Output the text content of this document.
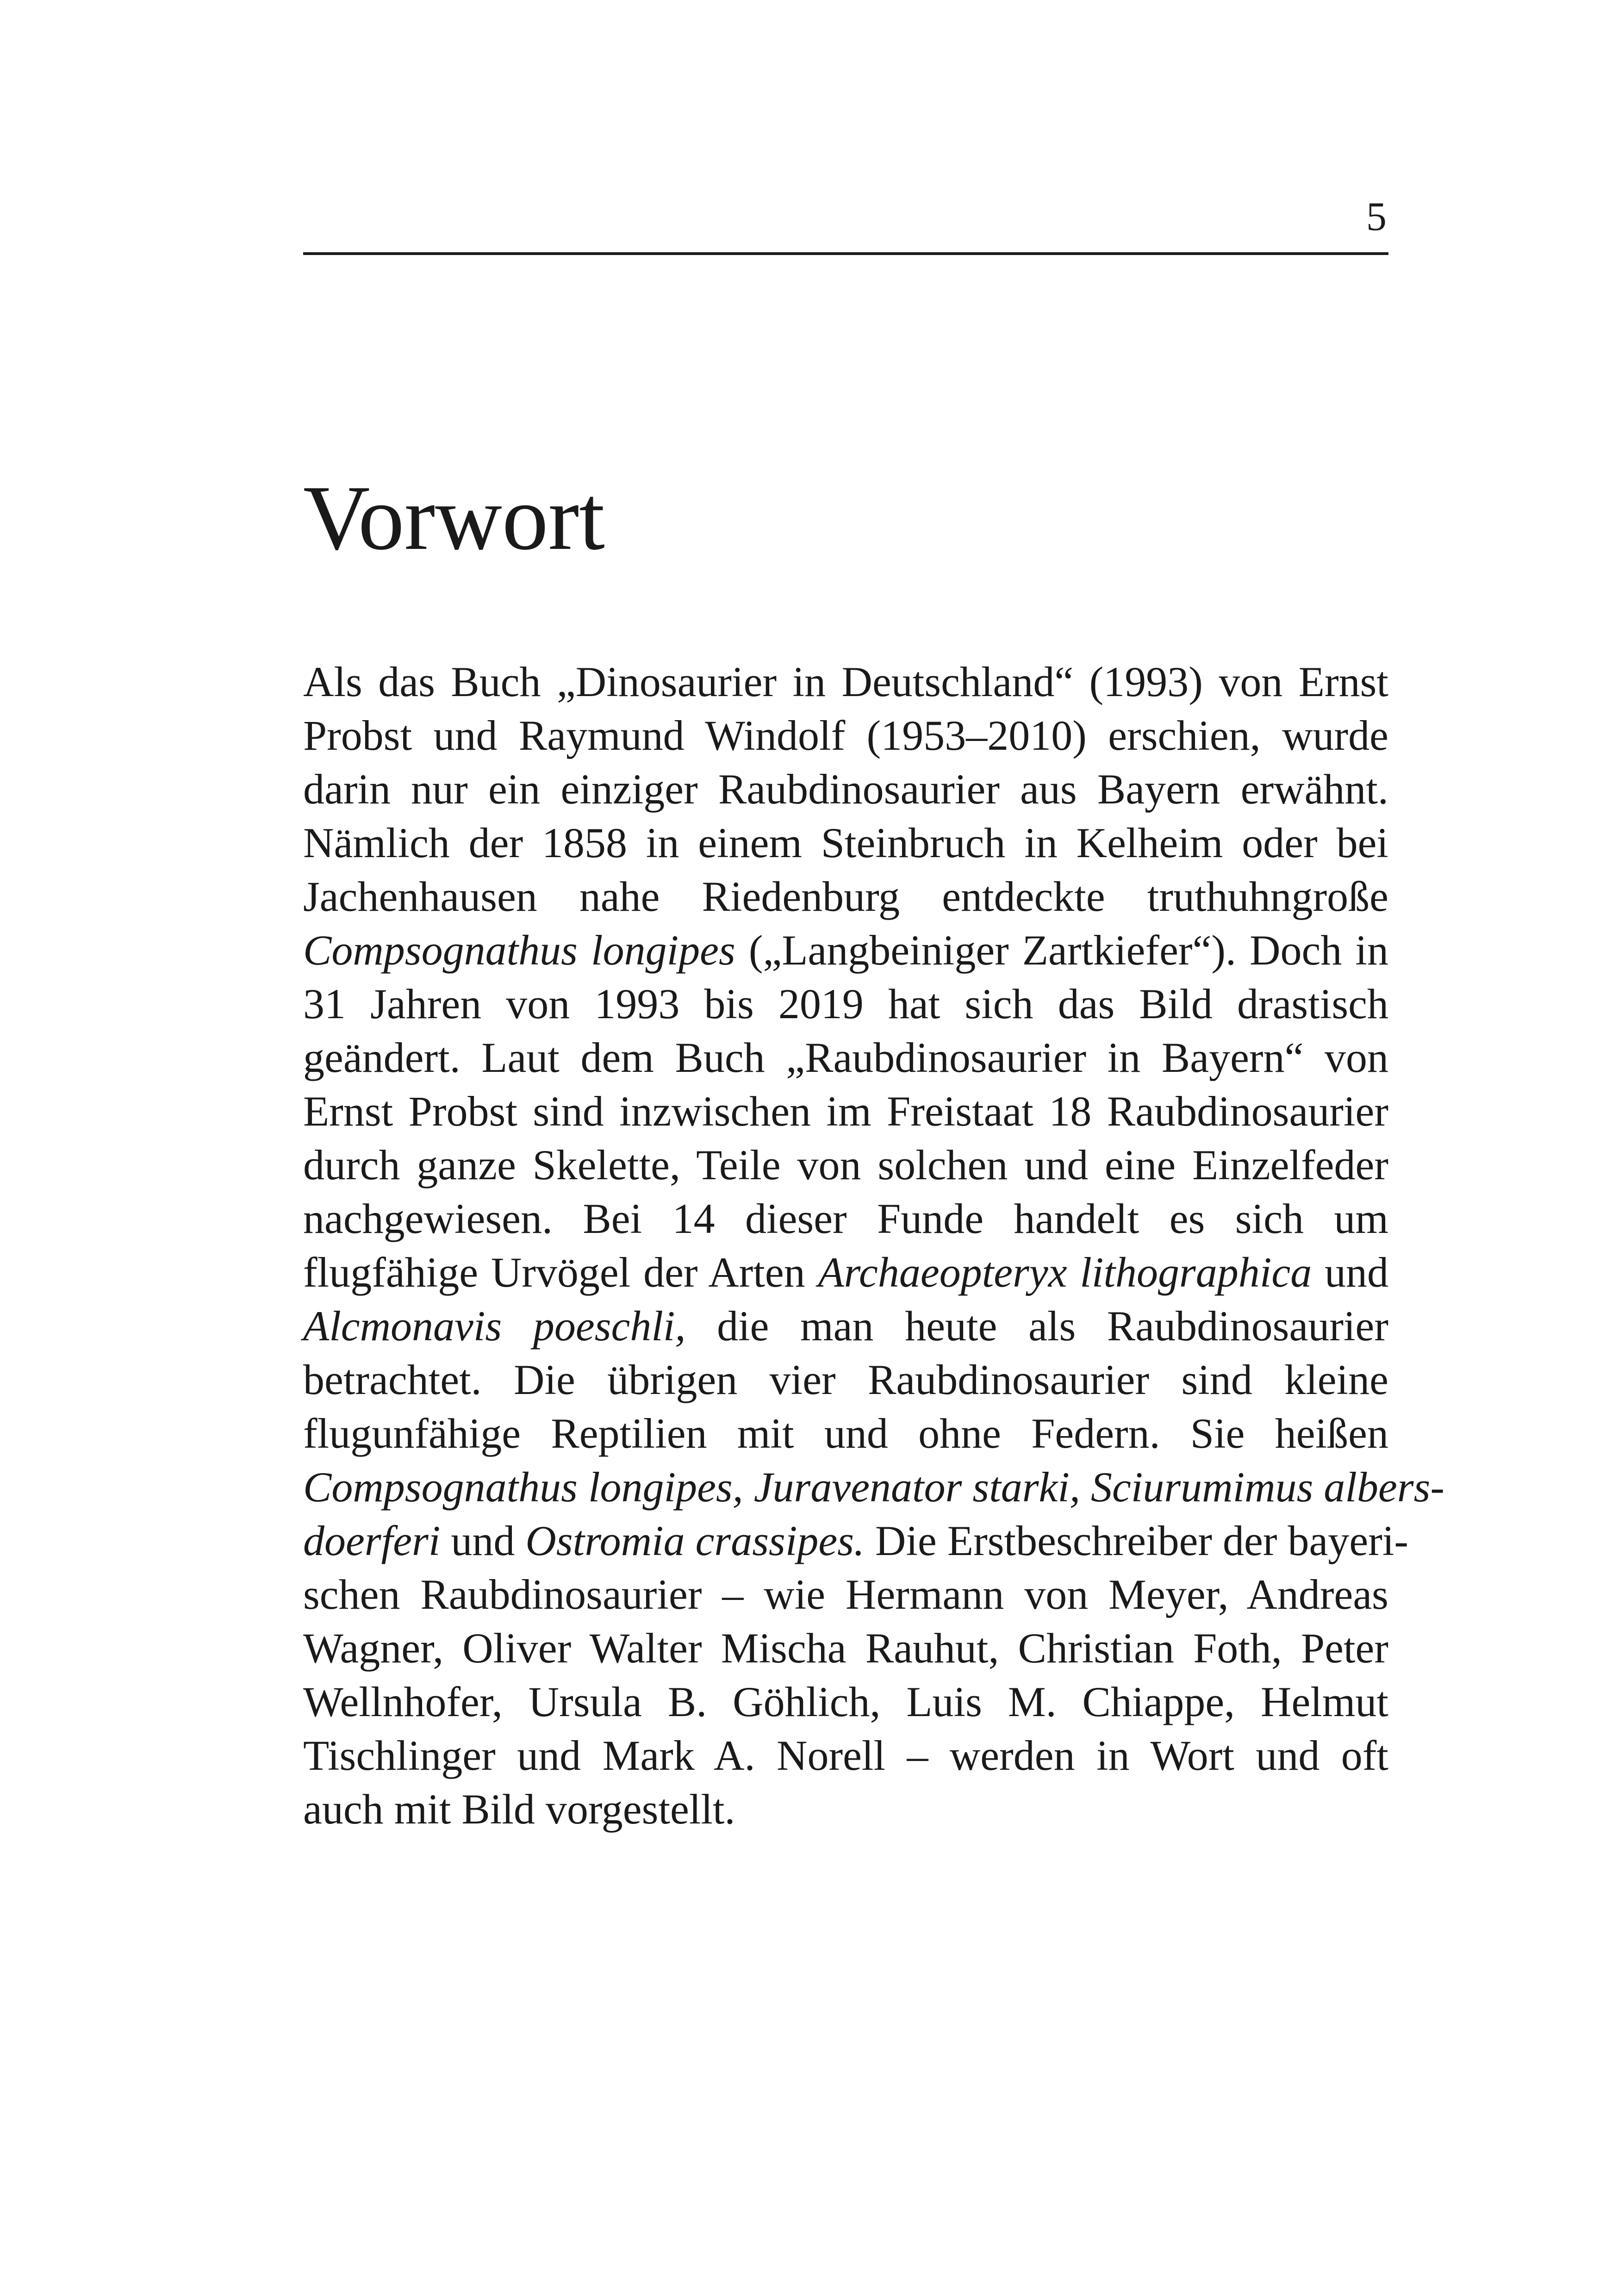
5
Vorwort
Als das Buch „Dinosaurier in Deutschland“ (1993) von Ernst
Probst und Raymund Windolf (1953–2010) erschien, wurde
darin nur ein einziger Raubdinosaurier aus Bayern erwähnt.
Nämlich der 1858 in einem Steinbruch in Kelheim oder bei
Jachenhausen nahe Riedenburg entdeckte truthuhngroße
Compsognathus longipes („Langbeiniger Zartkiefer“). Doch in
31 Jahren von 1993 bis 2019 hat sich das Bild drastisch
geändert. Laut dem Buch „Raubdinosaurier in Bayern“ von
Ernst Probst sind inzwischen im Freistaat 18 Raubdinosaurier
durch ganze Skelette, Teile von solchen und eine Einzelfeder
nachgewiesen. Bei 14 dieser Funde handelt es sich um
flugfähige Urvögel der Arten Archaeopteryx lithographica und
Alcmonavis poeschli, die man heute als Raubdinosaurier
betrachtet. Die übrigen vier Raubdinosaurier sind kleine
flugunfähige Reptilien mit und ohne Federn. Sie heißen
Compsognathus longipes, Juravenator starki, Sciurumimus albers-
doerferi und Ostromia crassipes. Die Erstbeschreiber der bayeri-
schen Raubdinosaurier – wie Hermann von Meyer, Andreas
Wagner, Oliver Walter Mischa Rauhut, Christian Foth, Peter
Wellnhofer, Ursula B. Göhlich, Luis M. Chiappe, Helmut
Tischlinger und Mark A. Norell – werden in Wort und oft
auch mit Bild vorgestellt.
